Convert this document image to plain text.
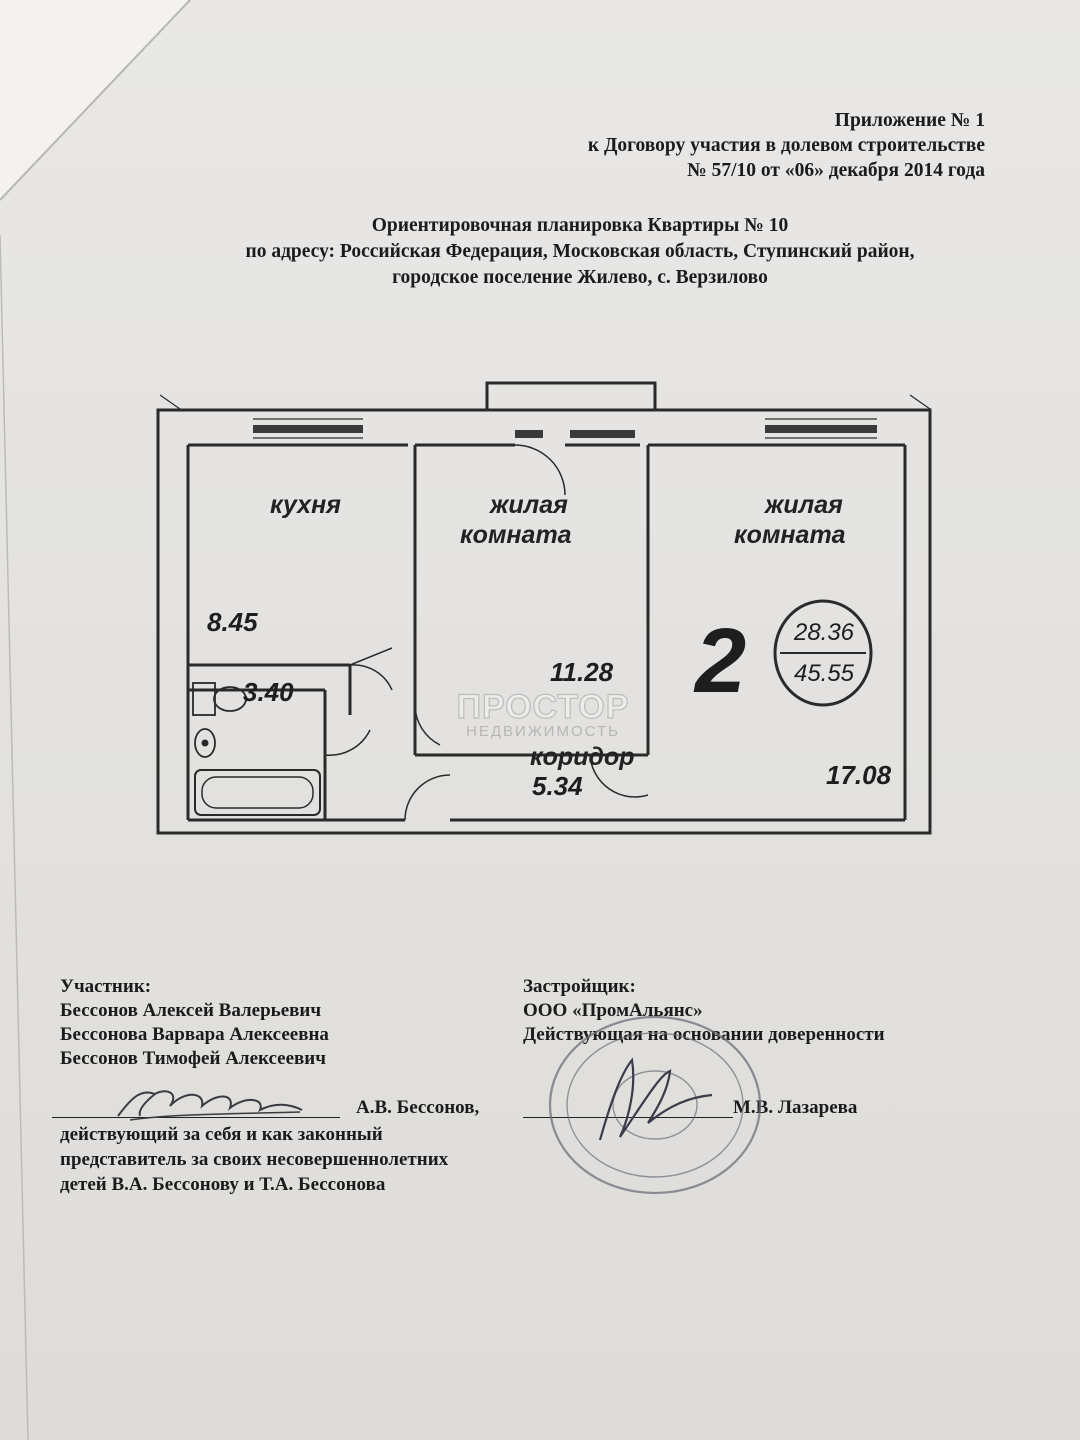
Приложение № 1
к Договору участия в долевом строительстве
№ 57/10 от «06» декабря 2014 года
Ориентировочная планировка Квартиры № 10
по адресу: Российская Федерация, Московская область, Ступинский район,
городское поселение Жилево, с. Верзилово
кухня
8.45
жилая
комната
11.28
жилая
комната
17.08
3.40
коридор
5.34
2	28.36
45.55
ПРОСТОР
НЕДВИЖИМОСТЬ
Участник:
Бессонов Алексей Валерьевич
Бессонова Варвара Алексеевна
Бессонов Тимофей Алексеевич
Застройщик:
ООО «ПромАльянс»
Действующая на основании доверенности
А.В. Бессонов,
действующий за себя и как законный
представитель за своих несовершеннолетних
детей В.А. Бессонову и Т.А. Бессонова
М.В. Лазарева
